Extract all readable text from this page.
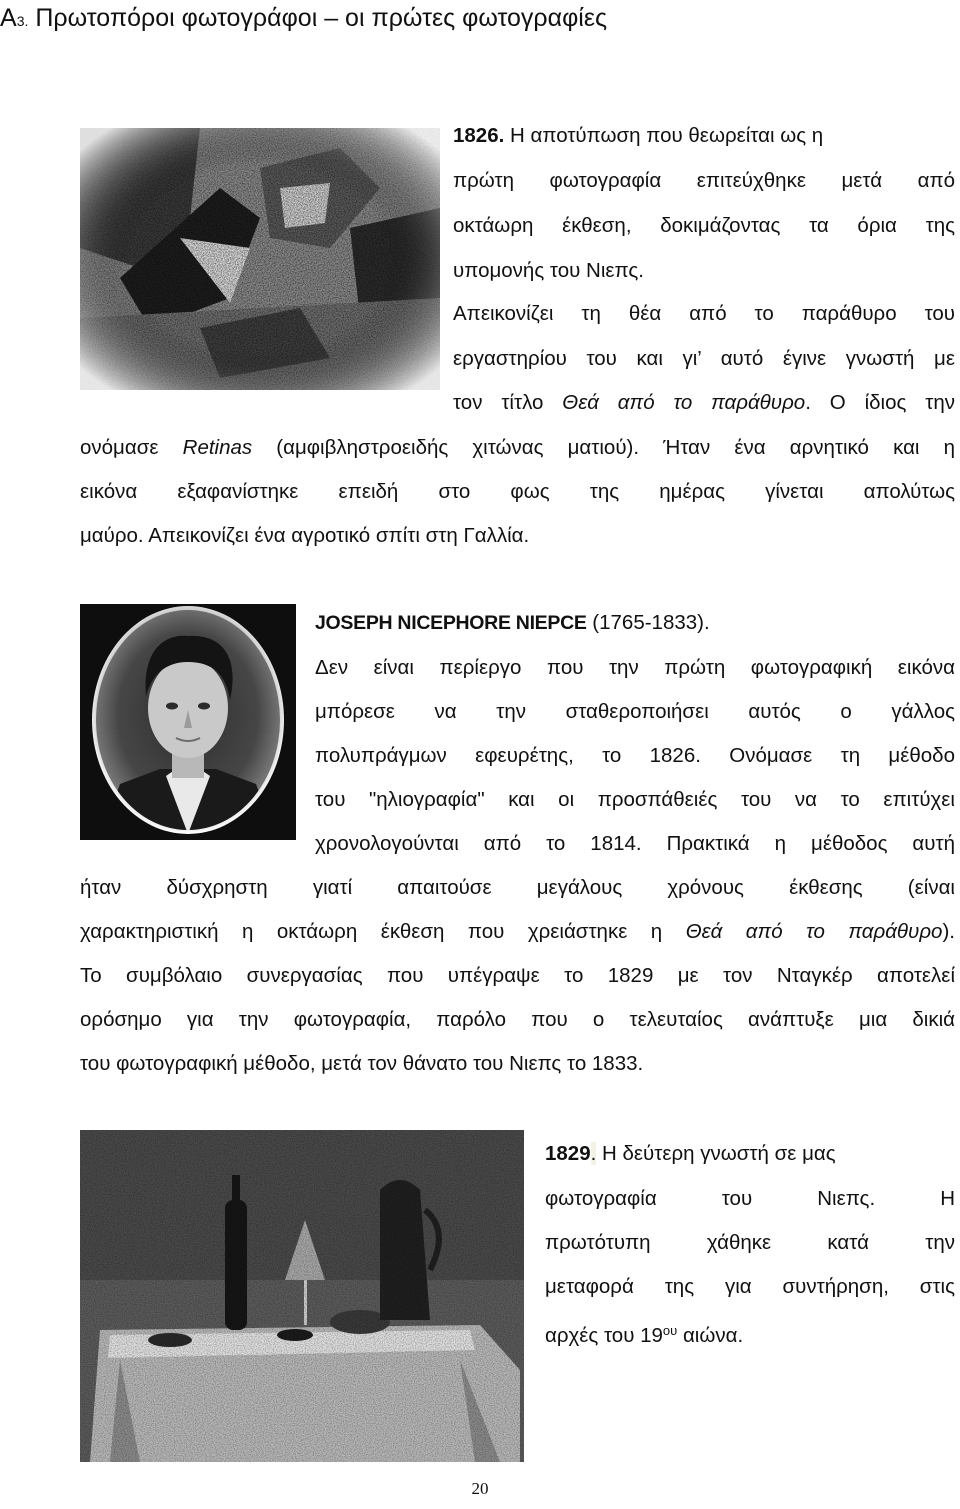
Α3. Πρωτοπόροι φωτογράφοι – οι πρώτες φωτογραφίες
1826. Η αποτύπωση που θεωρείται ως η
πρώτη φωτογραφία επιτεύχθηκε μετά από
οκτάωρη έκθεση, δοκιμάζοντας τα όρια της
υπομονής του Νιεπς.
Απεικονίζει τη θέα από το παράθυρο του
εργαστηρίου του και γι’ αυτό έγινε γνωστή με
τον τίτλο Θεά από το παράθυρο. Ο ίδιος την
ονόμασε Retinas (αμφιβληστροειδής χιτώνας ματιού). Ήταν ένα αρνητικό και η
εικόνα εξαφανίστηκε επειδή στο φως της ημέρας γίνεται απολύτως
μαύρο. Απεικονίζει ένα αγροτικό σπίτι στη Γαλλία.
JOSEPH NICEPHORE NIEPCE (1765-1833).
Δεν είναι περίεργο που την πρώτη φωτογραφική εικόνα
μπόρεσε να την σταθεροποιήσει αυτός ο γάλλος
πολυπράγμων εφευρέτης, το 1826. Ονόμασε τη μέθοδο
του "ηλιογραφία" και οι προσπάθειές του να το επιτύχει
χρονολογούνται από το 1814. Πρακτικά η μέθοδος αυτή
ήταν δύσχρηστη γιατί απαιτούσε μεγάλους χρόνους έκθεσης (είναι
χαρακτηριστική η οκτάωρη έκθεση που χρειάστηκε η Θεά από το παράθυρο).
Το συμβόλαιο συνεργασίας που υπέγραψε το 1829 με τον Νταγκέρ αποτελεί
ορόσημο για την φωτογραφία, παρόλο που ο τελευταίος ανάπτυξε μια δικιά
του φωτογραφική μέθοδο, μετά τον θάνατο του Νιεπς το 1833.
1829. Η δεύτερη γνωστή σε μας
φωτογραφία του Νιεπς. Η
πρωτότυπη χάθηκε κατά την
μεταφορά της για συντήρηση, στις
αρχές του $19^{o\upsilon}$ αιώνα.
20
